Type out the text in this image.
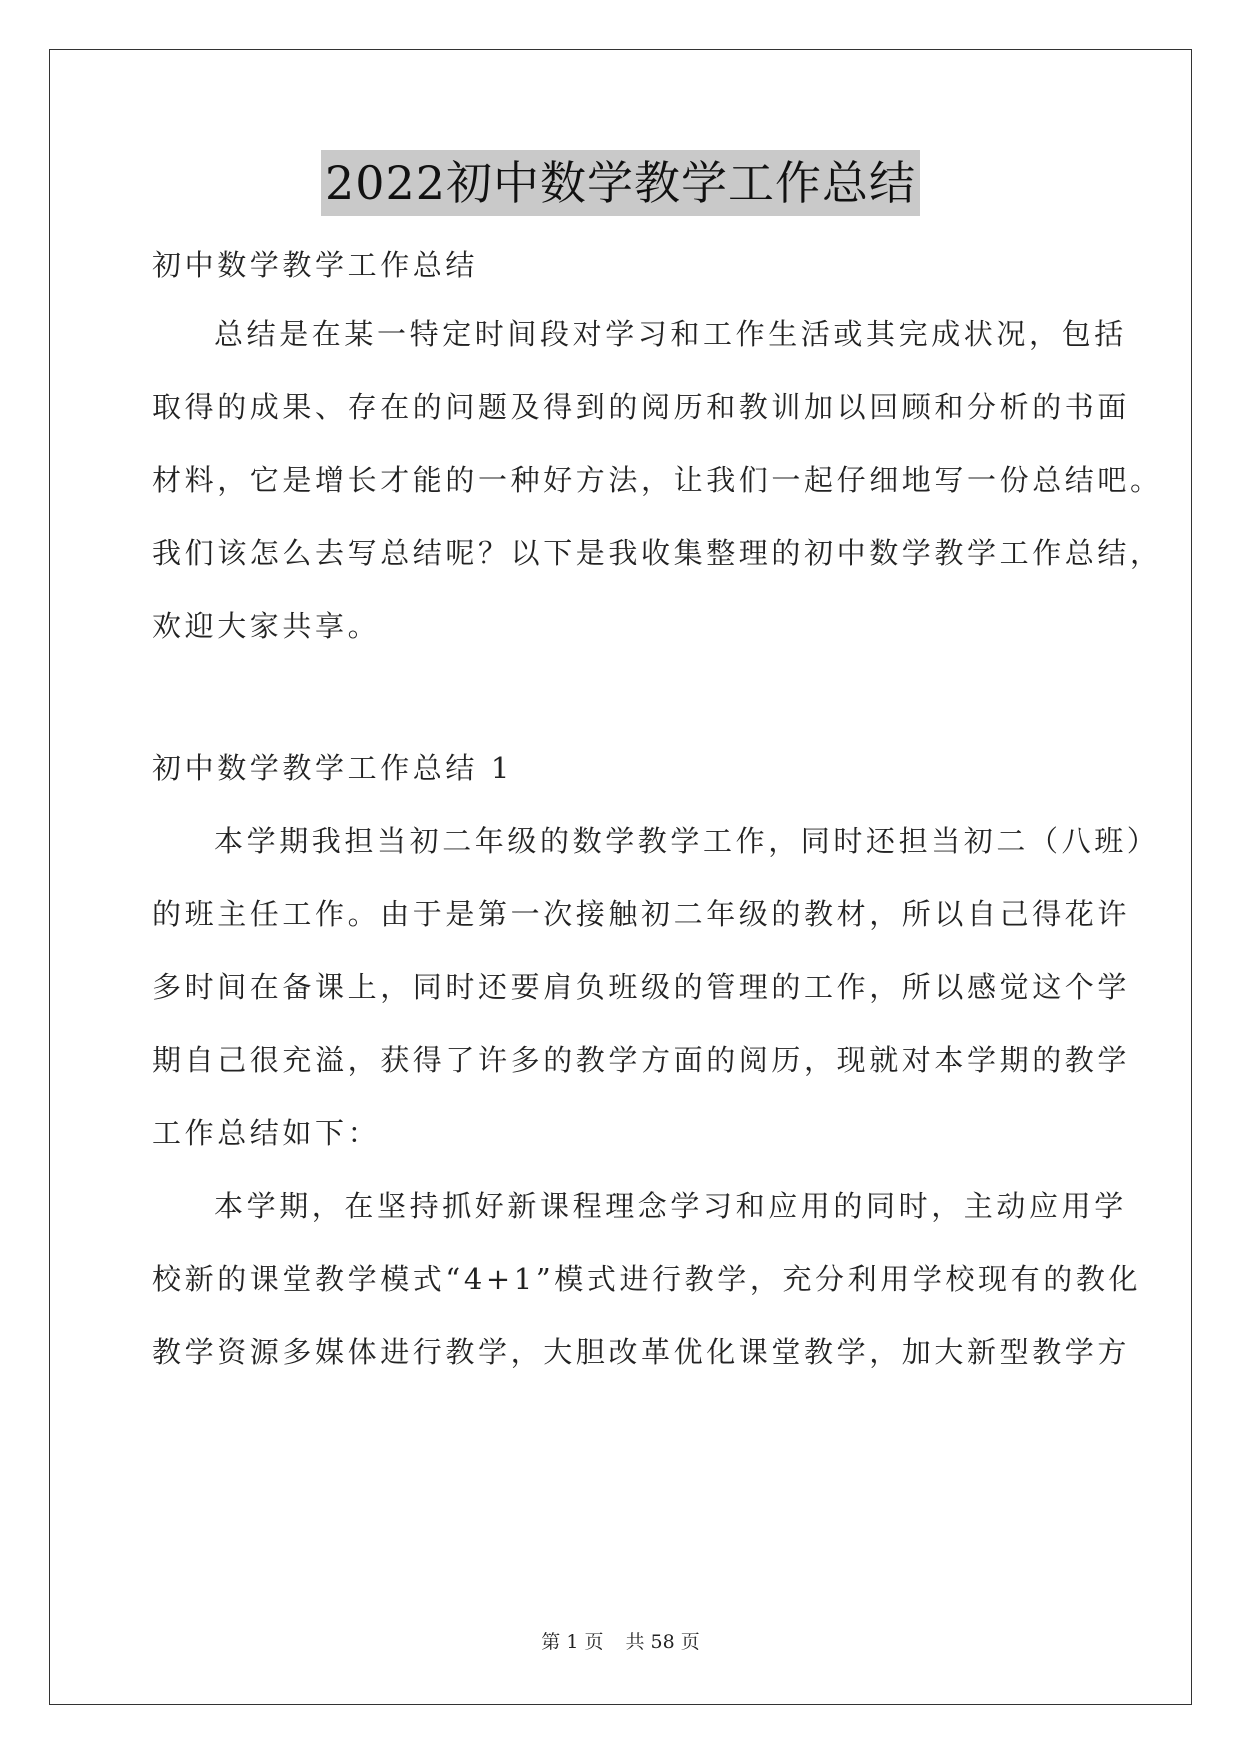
2022初中数学教学工作总结
初中数学教学工作总结
总结是在某一特定时间段对学习和工作生活或其完成状况，包括
取得的成果、存在的问题及得到的阅历和教训加以回顾和分析的书面
材料，它是增长才能的一种好方法，让我们一起仔细地写一份总结吧。
我们该怎么去写总结呢？以下是我收集整理的初中数学教学工作总结，
欢迎大家共享。
初中数学教学工作总结 1
本学期我担当初二年级的数学教学工作，同时还担当初二（八班）
的班主任工作。由于是第一次接触初二年级的教材，所以自己得花许
多时间在备课上，同时还要肩负班级的管理的工作，所以感觉这个学
期自己很充溢，获得了许多的教学方面的阅历，现就对本学期的教学
工作总结如下：
本学期，在坚持抓好新课程理念学习和应用的同时，主动应用学
校新的课堂教学模式“4+1”模式进行教学，充分利用学校现有的教化
教学资源多媒体进行教学，大胆改革优化课堂教学，加大新型教学方
第 1 页 共 58 页
